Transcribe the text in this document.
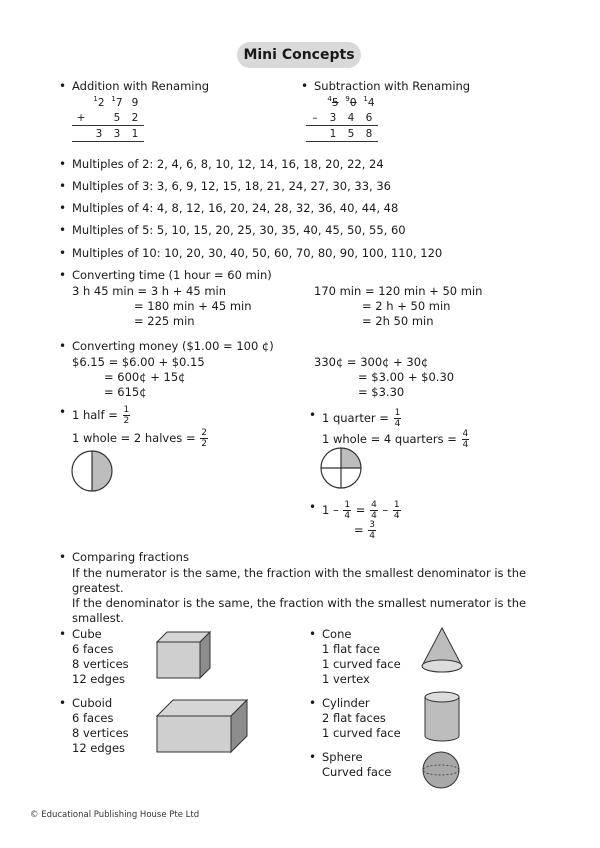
Mini Concepts
• Addition with Renaming
	$^1$2	$^1$7	9
+		5	2
	3	3	1
• Subtraction with Renaming
	$^4$5	$^9$0	$^1$4
–	3	4	6
	1	5	8
• Multiples of 2: 2, 4, 6, 8, 10, 12, 14, 16, 18, 20, 22, 24
• Multiples of 3: 3, 6, 9, 12, 15, 18, 21, 24, 27, 30, 33, 36
• Multiples of 4: 4, 8, 12, 16, 20, 24, 28, 32, 36, 40, 44, 48
• Multiples of 5: 5, 10, 15, 20, 25, 30, 35, 40, 45, 50, 55, 60
• Multiples of 10: 10, 20, 30, 40, 50, 60, 70, 80, 90, 100, 110, 120
• Converting time (1 hour = 60 min)
3 h 45 min = 3 h + 45 min
= 180 min + 45 min
= 225 min
170 min = 120 min + 50 min
= 2 h + 50 min
= 2h 50 min
• Converting money ($1.00 = 100 ¢)
$6.15 = $6.00 + $0.15
= 600¢ + 15¢
= 615¢
330¢ = 300¢ + 30¢
= $3.00 + $0.30
= $3.30
• 1 half = $\frac{1}{2}$
1 whole = 2 halves = $\frac{2}{2}$
• 1 quarter = $\frac{1}{4}$
1 whole = 4 quarters = $\frac{4}{4}$
• $1 - \frac{1}{4} = \frac{4}{4} - \frac{1}{4}$
= $\frac{3}{4}$
• Comparing fractions
If the numerator is the same, the fraction with the smallest denominator is the
greatest.
If the denominator is the same, the fraction with the smallest numerator is the
smallest.
• Cube
6 faces
8 vertices
12 edges
• Cuboid
6 faces
8 vertices
12 edges
• Cone
1 flat face
1 curved face
1 vertex
• Cylinder
2 flat faces
1 curved face
• Sphere
Curved face
© Educational Publishing House Pte Ltd
